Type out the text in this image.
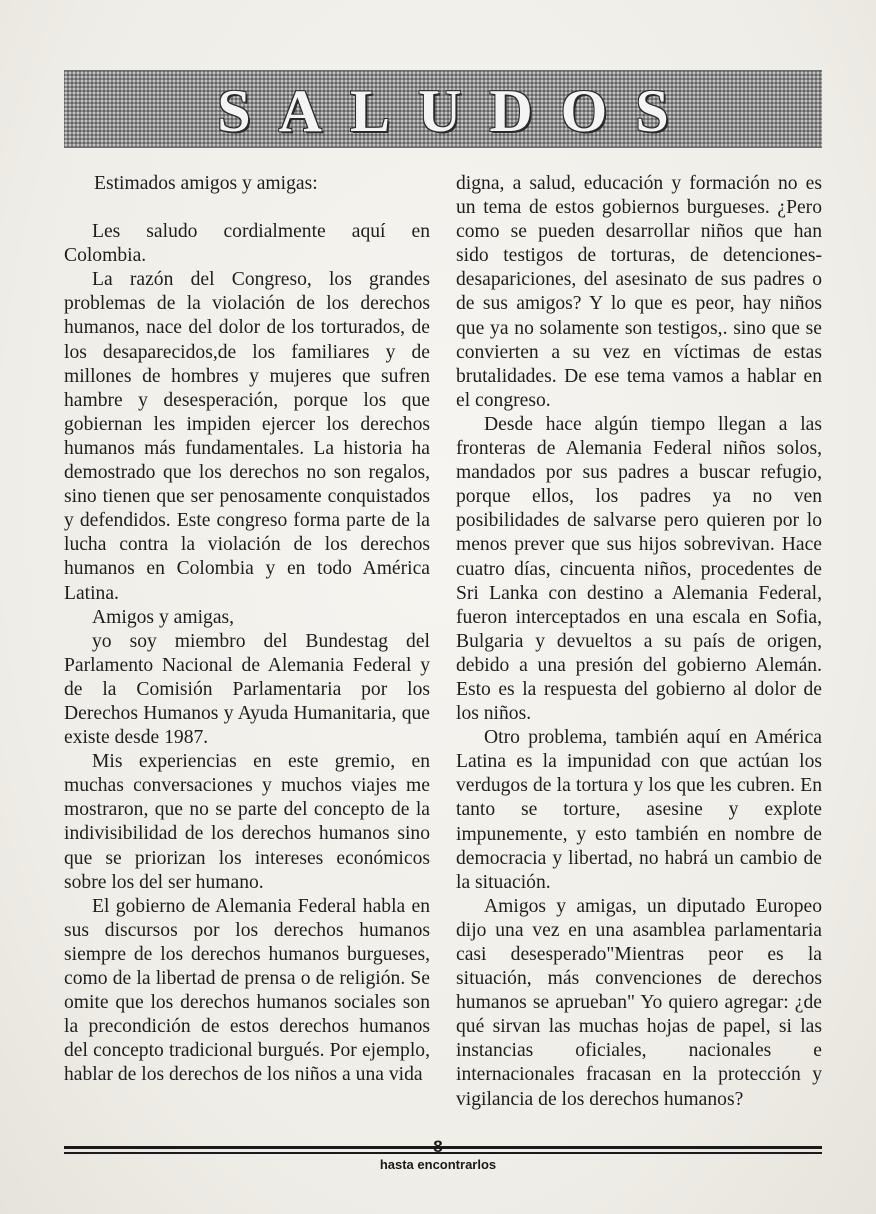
SALUDOS

Estimados amigos y amigas:

Les saludo cordialmente aquí en Colombia.

La razón del Congreso, los grandes problemas de la violación de los derechos humanos, nace del dolor de los torturados, de los desaparecidos,de los familiares y de millones de hombres y mujeres que sufren hambre y desesperación, porque los que gobiernan les impiden ejercer los derechos humanos más fundamentales. La historia ha demostrado que los derechos no son regalos, sino tienen que ser penosamente conquistados y defendidos. Este congreso forma parte de la lucha contra la violación de los derechos humanos en Colombia y en todo América Latina.

Amigos y amigas,

yo soy miembro del Bundestag del Parlamento Nacional de Alemania Federal y de la Comisión Parlamentaria por los Derechos Humanos y Ayuda Humanitaria, que existe desde 1987.

Mis experiencias en este gremio, en muchas conversaciones y muchos viajes me mostraron, que no se parte del concepto de la indivisibilidad de los derechos humanos sino que se priorizan los intereses económicos sobre los del ser humano.

El gobierno de Alemania Federal habla en sus discursos por los derechos humanos siempre de los derechos humanos burgueses, como de la libertad de prensa o de religión. Se omite que los derechos humanos sociales son la precondición de estos derechos humanos del concepto tradicional burgués. Por ejemplo, hablar de los derechos de los niños a una vida

digna, a salud, educación y formación no es un tema de estos gobiernos burgueses. ¿Pero como se pueden desarrollar niños que han sido testigos de torturas, de detenciones-desapariciones, del asesinato de sus padres o de sus amigos? Y lo que es peor, hay niños que ya no solamente son testigos,. sino que se convierten a su vez en víctimas de estas brutalidades. De ese tema vamos a hablar en el congreso.

Desde hace algún tiempo llegan a las fronteras de Alemania Federal niños solos, mandados por sus padres a buscar refugio, porque ellos, los padres ya no ven posibilidades de salvarse pero quieren por lo menos prever que sus hijos sobrevivan. Hace cuatro días, cincuenta niños, procedentes de Sri Lanka con destino a Alemania Federal, fueron interceptados en una escala en Sofia, Bulgaria y devueltos a su país de origen, debido a una presión del gobierno Alemán. Esto es la respuesta del gobierno al dolor de los niños.

Otro problema, también aquí en América Latina es la impunidad con que actúan los verdugos de la tortura y los que les cubren. En tanto se torture, asesine y explote impunemente, y esto también en nombre de democracia y libertad, no habrá un cambio de la situación.

Amigos y amigas, un diputado Europeo dijo una vez en una asamblea parlamentaria casi desesperado"Mientras peor es la situación, más convenciones de derechos humanos se aprueban" Yo quiero agregar: ¿de qué sirvan las muchas hojas de papel, si las instancias oficiales, nacionales e internacionales fracasan en la protección y vigilancia de los derechos humanos?

8
hasta encontrarlos
